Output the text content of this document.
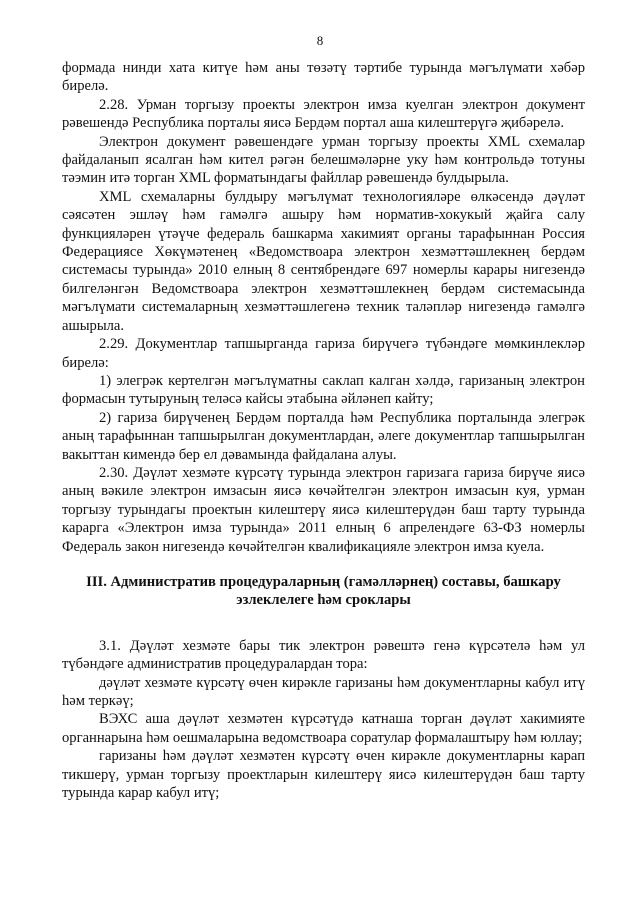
8

формада нинди хата китүе һәм аны төзәтү тәртибе турында мәгълүмати хәбәр бирелә.

2.28. Урман торгызу проекты электрон имза куелган электрон документ рәвешендә Республика порталы яисә Бердәм портал аша килештерүгә җибәрелә.

Электрон документ рәвешендәге урман торгызу проекты XML схемалар файдаланып ясалган һәм кител рәгән белешмәләрне уку һәм контрольдә тотуны тәэмин итә торган XML форматындагы файллар рәвешендә булдырыла.

XML схемаларны булдыру мәгълүмат технологияләре өлкәсендә дәүләт сәясәтен эшләү һәм гамәлгә ашыру һәм норматив-хокукый җайга салу функцияләрен үтәүче федераль башкарма хакимият органы тарафыннан Россия Федерациясе Хөкүмәтенең «Ведомствоара электрон хезмәттәшлекнең бердәм системасы турында» 2010 елның 8 сентябрендәге 697 номерлы карары нигезендә билгеләнгән Ведомствоара электрон хезмәттәшлекнең бердәм системасында мәгълүмати системаларның хезмәттәшлегенә техник таләпләр нигезендә гамәлгә ашырыла.

2.29. Документлар тапшырганда гариза бирүчегә түбәндәге мөмкинлекләр бирелә:

1) элегрәк кертелгән мәгълүматны саклап калган хәлдә, гаризаның электрон формасын тутыруның теләсә кайсы этабына әйләнеп кайту;

2) гариза бирүченең Бердәм порталда һәм Республика порталында элегрәк аның тарафыннан тапшырылган документлардан, әлеге документлар тапшырылган вакыттан кимендә бер ел дәвамында файдалана алуы.

2.30. Дәүләт хезмәте күрсәтү турында электрон гаризага гариза бирүче яисә аның вәкиле электрон имзасын яисә көчәйтелгән электрон имзасын куя, урман торгызу турындагы проектын килештерү яисә килештерүдән баш тарту турында карарга «Электрон имза турында» 2011 елның 6 апрелендәге 63-ФЗ номерлы Федераль закон нигезендә көчәйтелгән квалификацияле электрон имза куела.

III. Административ процедураларның (гамәлләрнең) составы, башкару эзлеклелеге һәм сроклары

3.1. Дәүләт хезмәте бары тик электрон рәвештә генә күрсәтелә һәм ул түбәндәге административ процедуралардан тора:

дәүләт хезмәте күрсәтү өчен кирәкле гаризаны һәм документларны кабул итү һәм теркәү;

ВЭХС аша дәүләт хезмәтен күрсәтүдә катнаша торган дәүләт хакимияте органнарына һәм оешмаларына ведомствоара соратулар формалаштыру һәм юллау;

гаризаны һәм дәүләт хезмәтен күрсәтү өчен кирәкле документларны карап тикшерү, урман торгызу проектларын килештерү яисә килештерүдән баш тарту турында карар кабул итү;
